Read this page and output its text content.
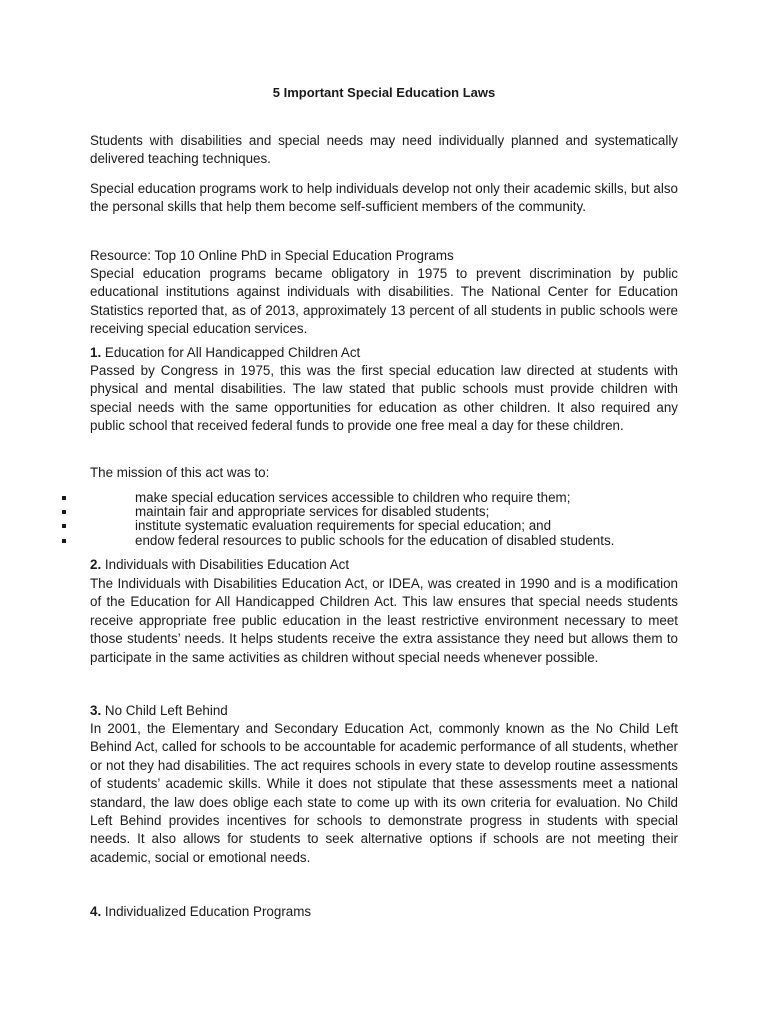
5 Important Special Education Laws

Students with disabilities and special needs may need individually planned and systematically delivered teaching techniques.

Special education programs work to help individuals develop not only their academic skills, but also the personal skills that help them become self-sufficient members of the community.

Resource: Top 10 Online PhD in Special Education Programs

Special education programs became obligatory in 1975 to prevent discrimination by public educational institutions against individuals with disabilities. The National Center for Education Statistics reported that, as of 2013, approximately 13 percent of all students in public schools were receiving special education services.

1. Education for All Handicapped Children Act

Passed by Congress in 1975, this was the first special education law directed at students with physical and mental disabilities. The law stated that public schools must provide children with special needs with the same opportunities for education as other children. It also required any public school that received federal funds to provide one free meal a day for these children.

The mission of this act was to:

make special education services accessible to children who require them;
maintain fair and appropriate services for disabled students;
institute systematic evaluation requirements for special education; and
endow federal resources to public schools for the education of disabled students.

2. Individuals with Disabilities Education Act

The Individuals with Disabilities Education Act, or IDEA, was created in 1990 and is a modification of the Education for All Handicapped Children Act. This law ensures that special needs students receive appropriate free public education in the least restrictive environment necessary to meet those students’ needs. It helps students receive the extra assistance they need but allows them to participate in the same activities as children without special needs whenever possible.

3. No Child Left Behind

In 2001, the Elementary and Secondary Education Act, commonly known as the No Child Left Behind Act, called for schools to be accountable for academic performance of all students, whether or not they had disabilities. The act requires schools in every state to develop routine assessments of students’ academic skills. While it does not stipulate that these assessments meet a national standard, the law does oblige each state to come up with its own criteria for evaluation. No Child Left Behind provides incentives for schools to demonstrate progress in students with special needs. It also allows for students to seek alternative options if schools are not meeting their academic, social or emotional needs.

4. Individualized Education Programs
